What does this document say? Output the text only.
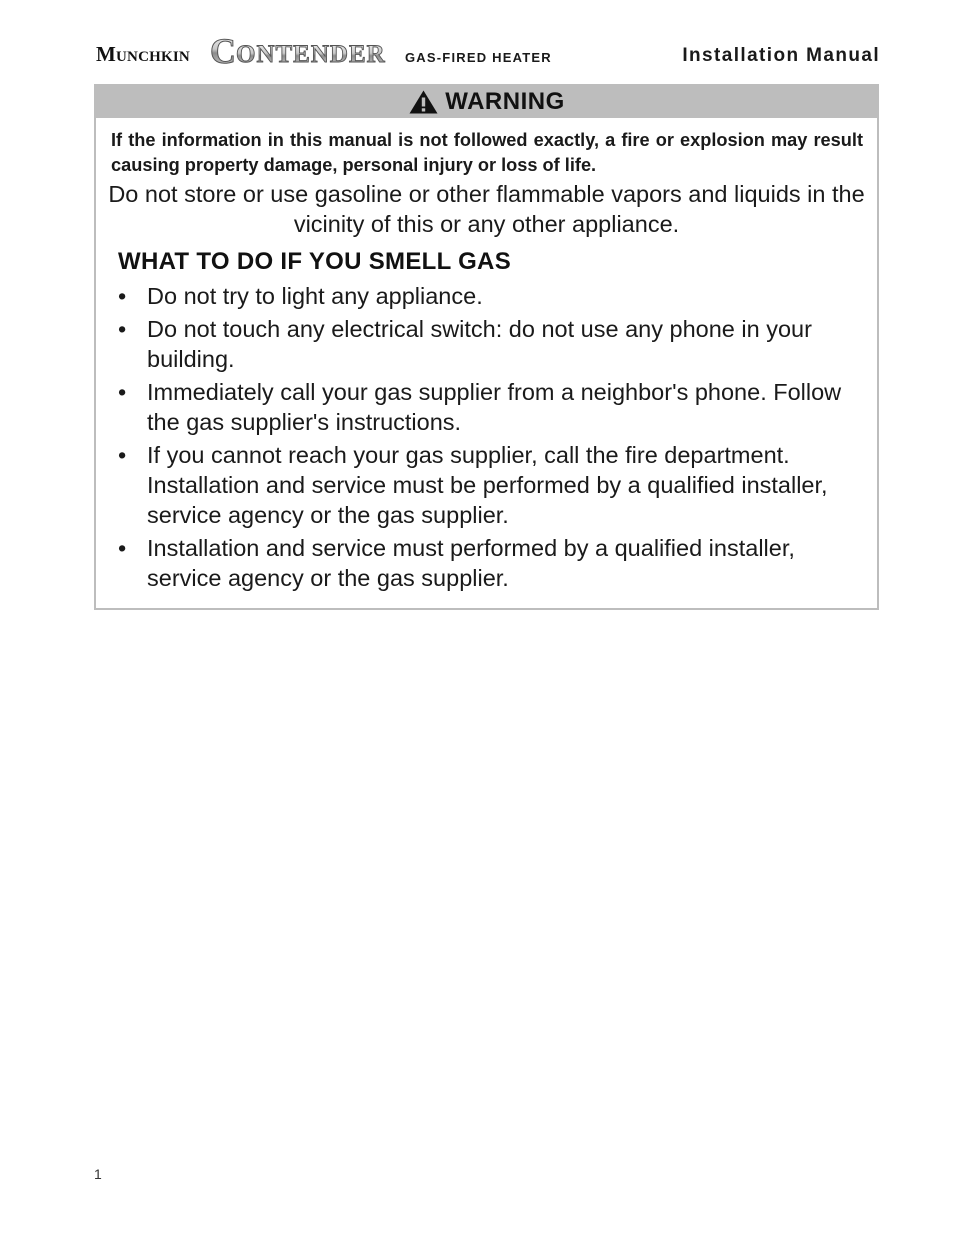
Munchkin C ONTENDER GAS-FIRED HEATER	Installation Manual
WARNING
If the information in this manual is not followed exactly, a fire or explosion may result causing property damage, personal injury or loss of life.
Do not store or use gasoline or other flammable vapors and liquids in the vicinity of this or any other appliance.
WHAT TO DO IF YOU SMELL GAS
• Do not try to light any appliance.
• Do not touch any electrical switch: do not use any phone in your building.
• Immediately call your gas supplier from a neighbor's phone. Follow the gas supplier's instructions.
• If you cannot reach your gas supplier, call the fire department. Installation and service must be performed by a qualified installer, service agency or the gas supplier.
• Installation and service must performed by a qualified installer, service agency or the gas supplier.
1
